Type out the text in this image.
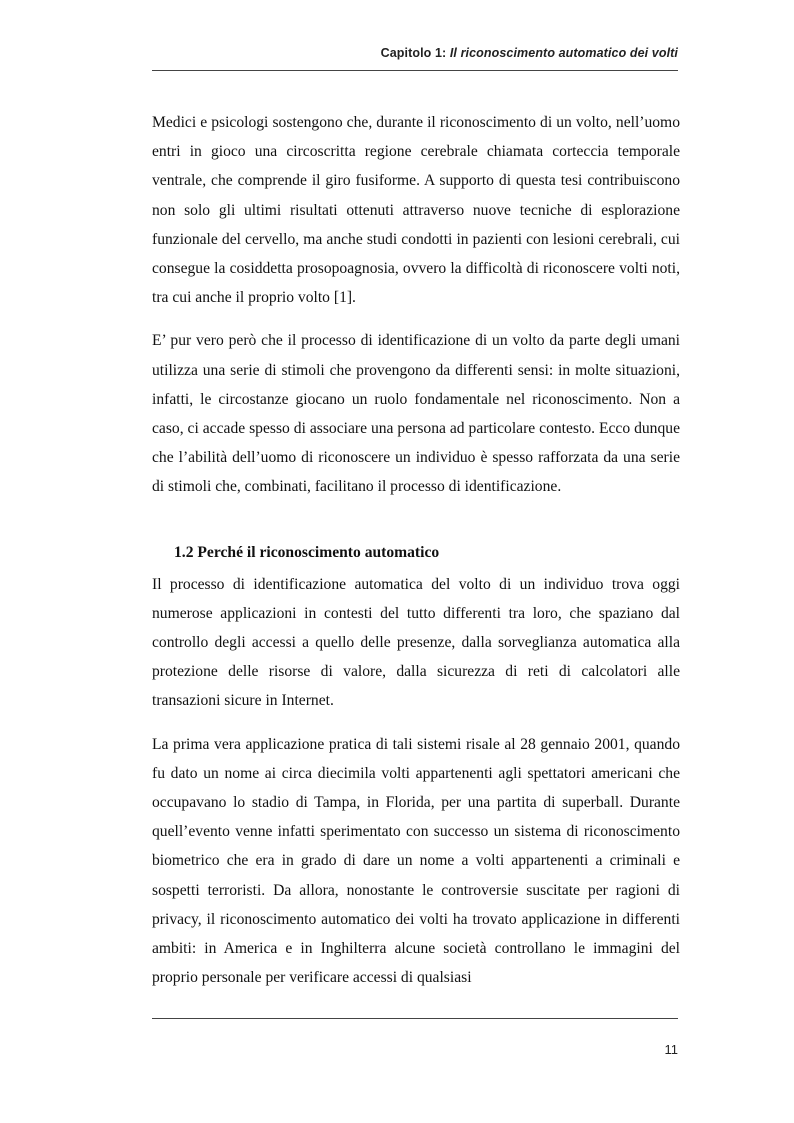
Capitolo 1: Il riconoscimento automatico dei volti

Medici e psicologi sostengono che, durante il riconoscimento di un volto, nell’uomo entri in gioco una circoscritta regione cerebrale chiamata corteccia temporale ventrale, che comprende il giro fusiforme. A supporto di questa tesi contribuiscono non solo gli ultimi risultati ottenuti attraverso nuove tecniche di esplorazione funzionale del cervello, ma anche studi condotti in pazienti con lesioni cerebrali, cui consegue la cosiddetta prosopoagnosia, ovvero la difficoltà di riconoscere volti noti, tra cui anche il proprio volto [1].

E’ pur vero però che il processo di identificazione di un volto da parte degli umani utilizza una serie di stimoli che provengono da differenti sensi: in molte situazioni, infatti, le circostanze giocano un ruolo fondamentale nel riconoscimento. Non a caso, ci accade spesso di associare una persona ad particolare contesto. Ecco dunque che l’abilità dell’uomo di riconoscere un individuo è spesso rafforzata da una serie di stimoli che, combinati, facilitano il processo di identificazione.

1.2 Perché il riconoscimento automatico

Il processo di identificazione automatica del volto di un individuo trova oggi numerose applicazioni in contesti del tutto differenti tra loro, che spaziano dal controllo degli accessi a quello delle presenze, dalla sorveglianza automatica alla protezione delle risorse di valore, dalla sicurezza di reti di calcolatori alle transazioni sicure in Internet.

La prima vera applicazione pratica di tali sistemi risale al 28 gennaio 2001, quando fu dato un nome ai circa diecimila volti appartenenti agli spettatori americani che occupavano lo stadio di Tampa, in Florida, per una partita di superball. Durante quell’evento venne infatti sperimentato con successo un sistema di riconoscimento biometrico che era in grado di dare un nome a volti appartenenti a criminali e sospetti terroristi. Da allora, nonostante le controversie suscitate per ragioni di privacy, il riconoscimento automatico dei volti ha trovato applicazione in differenti ambiti: in America e in Inghilterra alcune società controllano le immagini del proprio personale per verificare accessi di qualsiasi

11
